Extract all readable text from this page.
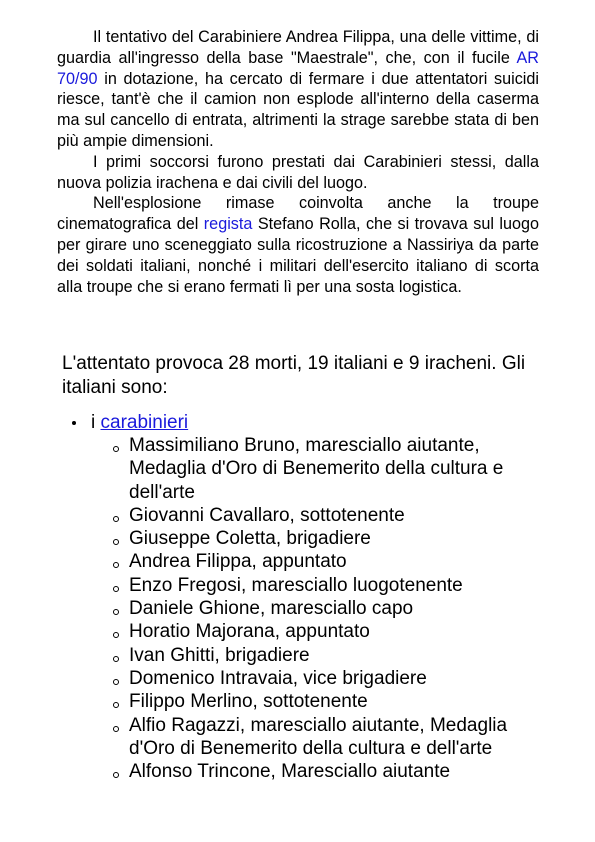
Il tentativo del Carabiniere Andrea Filippa, una delle vittime, di guardia all'ingresso della base "Maestrale", che, con il fucile AR 70/90 in dotazione, ha cercato di fermare i due attentatori suicidi riesce, tant'è che il camion non esplode all'interno della caserma ma sul cancello di entrata, altrimenti la strage sarebbe stata di ben più ampie dimensioni.

I primi soccorsi furono prestati dai Carabinieri stessi, dalla nuova polizia irachena e dai civili del luogo.

Nell'esplosione rimase coinvolta anche la troupe cinematografica del regista Stefano Rolla, che si trovava sul luogo per girare uno sceneggiato sulla ricostruzione a Nassiriya da parte dei soldati italiani, nonché i militari dell'esercito italiano di scorta alla troupe che si erano fermati lì per una sosta logistica.

L'attentato provoca 28 morti, 19 italiani e 9 iracheni. Gli italiani sono:

i carabinieri
Massimiliano Bruno, maresciallo aiutante, Medaglia d'Oro di Benemerito della cultura e dell'arte
Giovanni Cavallaro, sottotenente
Giuseppe Coletta, brigadiere
Andrea Filippa, appuntato
Enzo Fregosi, maresciallo luogotenente
Daniele Ghione, maresciallo capo
Horatio Majorana, appuntato
Ivan Ghitti, brigadiere
Domenico Intravaia, vice brigadiere
Filippo Merlino, sottotenente
Alfio Ragazzi, maresciallo aiutante, Medaglia d'Oro di Benemerito della cultura e dell'arte
Alfonso Trincone, Maresciallo aiutante
